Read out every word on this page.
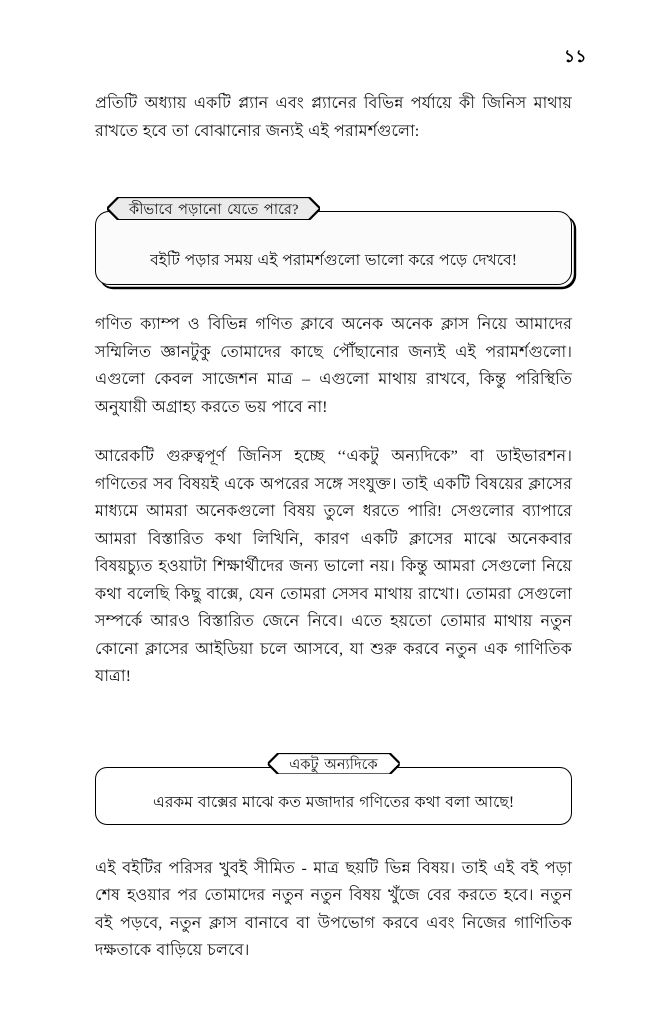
১১

প্রতিটি অধ্যায় একটি প্ল্যান এবং প্ল্যানের বিভিন্ন পর্যায়ে কী জিনিস মাথায় রাখতে হবে তা বোঝানোর জন্যই এই পরামর্শগুলো:

বইটি পড়ার সময় এই পরামর্শগুলো ভালো করে পড়ে দেখবে!
কীভাবে পড়ানো যেতে পারে?

গণিত ক্যাম্প ও বিভিন্ন গণিত ক্লাবে অনেক অনেক ক্লাস নিয়ে আমাদের সম্মিলিত জ্ঞানটুকু তোমাদের কাছে পৌঁছানোর জন্যই এই পরামর্শগুলো। এগুলো কেবল সাজেশন মাত্র – এগুলো মাথায় রাখবে, কিন্তু পরিস্থিতি অনুযায়ী অগ্রাহ্য করতে ভয় পাবে না!

আরেকটি গুরুত্বপূর্ণ জিনিস হচ্ছে ‘‘একটু অন্যদিকে” বা ডাইভারশন। গণিতের সব বিষয়ই একে অপরের সঙ্গে সংযুক্ত। তাই একটি বিষয়ের ক্লাসের মাধ্যমে আমরা অনেকগুলো বিষয় তুলে ধরতে পারি! সেগুলোর ব্যাপারে আমরা বিস্তারিত কথা লিখিনি, কারণ একটি ক্লাসের মাঝে অনেকবার বিষয়চ্যুত হওয়াটা শিক্ষার্থীদের জন্য ভালো নয়। কিন্তু আমরা সেগুলো নিয়ে কথা বলেছি কিছু বাক্সে, যেন তোমরা সেসব মাথায় রাখো। তোমরা সেগুলো সম্পর্কে আরও বিস্তারিত জেনে নিবে। এতে হয়তো তোমার মাথায় নতুন কোনো ক্লাসের আইডিয়া চলে আসবে, যা শুরু করবে নতুন এক গাণিতিক যাত্রা!

এরকম বাক্সের মাঝে কত মজাদার গণিতের কথা বলা আছে!
একটু অন্যদিকে

এই বইটির পরিসর খুবই সীমিত - মাত্র ছয়টি ভিন্ন বিষয়। তাই এই বই পড়া শেষ হওয়ার পর তোমাদের নতুন নতুন বিষয় খুঁজে বের করতে হবে। নতুন বই পড়বে, নতুন ক্লাস বানাবে বা উপভোগ করবে এবং নিজের গাণিতিক দক্ষতাকে বাড়িয়ে চলবে।
